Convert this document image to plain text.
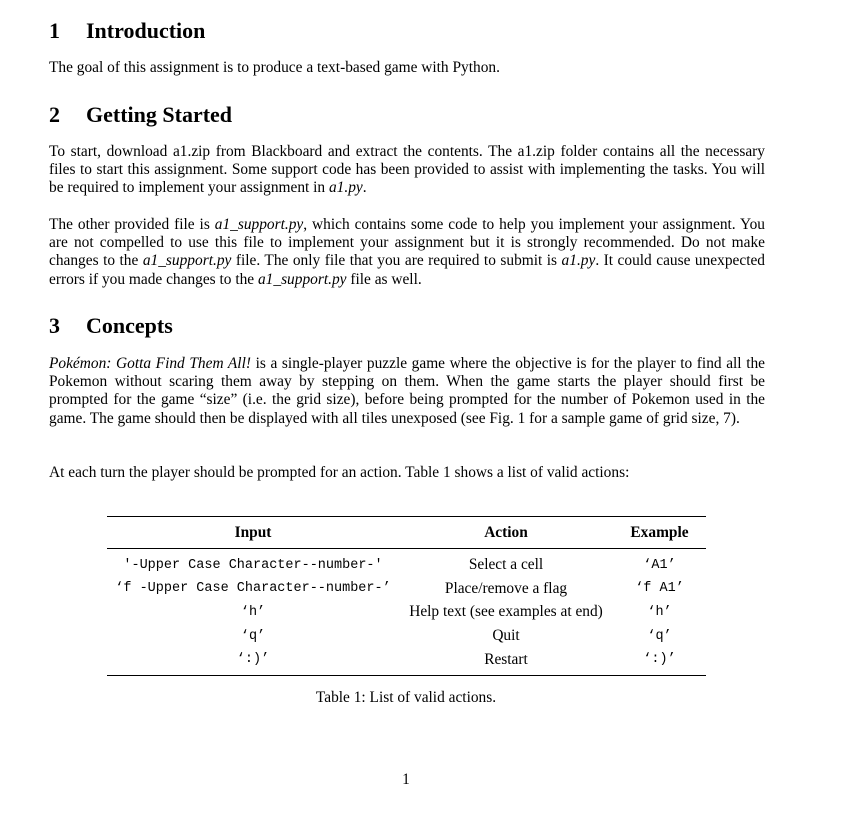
1 Introduction

The goal of this assignment is to produce a text-based game with Python.

2 Getting Started

To start, download a1.zip from Blackboard and extract the contents. The a1.zip folder contains all the necessary files to start this assignment. Some support code has been provided to assist with implementing the tasks. You will be required to implement your assignment in a1.py.

The other provided file is a1_support.py, which contains some code to help you implement your assignment. You are not compelled to use this file to implement your assignment but it is strongly recommended. Do not make changes to the a1_support.py file. The only file that you are required to submit is a1.py. It could cause unexpected errors if you made changes to the a1_support.py file as well.

3 Concepts

Pokémon: Gotta Find Them All! is a single-player puzzle game where the objective is for the player to find all the Pokemon without scaring them away by stepping on them. When the game starts the player should first be prompted for the game “size” (i.e. the grid size), before being prompted for the number of Pokemon used in the game. The game should then be displayed with all tiles unexposed (see Fig. 1 for a sample game of grid size, 7).

At each turn the player should be prompted for an action. Table 1 shows a list of valid actions:

Input	Action	Example
'-Upper Case Character--number-'	Select a cell	‘A1’
‘f -Upper Case Character--number-’	Place/remove a flag	‘f A1’
‘h’	Help text (see examples at end)	‘h’
‘q’	Quit	‘q’
‘:)’	Restart	‘:)’
Table 1: List of valid actions.
1
